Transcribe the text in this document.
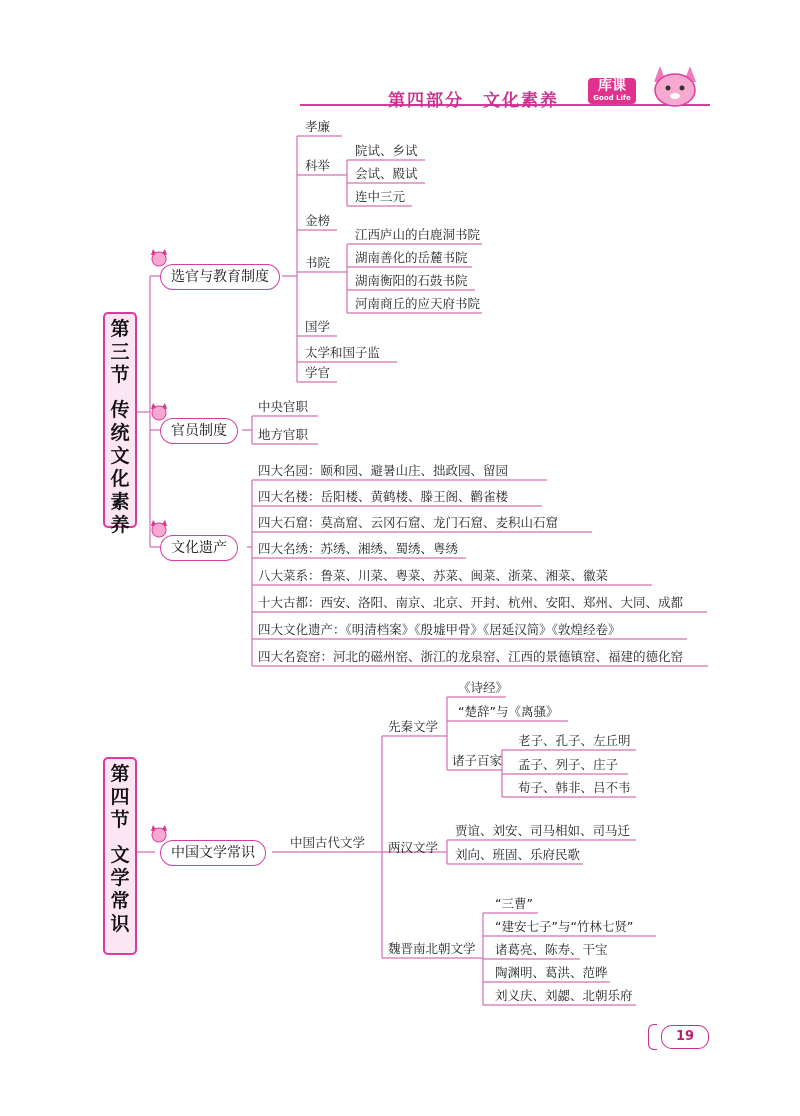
第四部分　文化素养
库课
Good Life
第
三
节
传
统
文
化
素
养
选官与教育制度
官员制度
文化遗产
孝廉
科举
院试、乡试
会试、殿试
连中三元
金榜
书院
江西庐山的白鹿洞书院
湖南善化的岳麓书院
湖南衡阳的石鼓书院
河南商丘的应天府书院
国学
太学和国子监
学官
中央官职
地方官职
四大名园：颐和园、避暑山庄、拙政园、留园
四大名楼：岳阳楼、黄鹤楼、滕王阁、鹳雀楼
四大石窟：莫高窟、云冈石窟、龙门石窟、麦积山石窟
四大名绣：苏绣、湘绣、蜀绣、粤绣
八大菜系：鲁菜、川菜、粤菜、苏菜、闽菜、浙菜、湘菜、徽菜
十大古都：西安、洛阳、南京、北京、开封、杭州、安阳、郑州、大同、成都
四大文化遗产：《明清档案》《殷墟甲骨》《居延汉简》《敦煌经卷》
四大名瓷窑：河北的磁州窑、浙江的龙泉窑、江西的景德镇窑、福建的德化窑
第
四
节
文
学
常
识
中国文学常识
中国古代文学
先秦文学
《诗经》
“楚辞”与《离骚》
诸子百家
老子、孔子、左丘明
孟子、列子、庄子
荀子、韩非、吕不韦
两汉文学
贾谊、刘安、司马相如、司马迁
刘向、班固、乐府民歌
魏晋南北朝文学
“三曹”
“建安七子”与“竹林七贤”
诸葛亮、陈寿、干宝
陶渊明、葛洪、范晔
刘义庆、刘勰、北朝乐府
19
